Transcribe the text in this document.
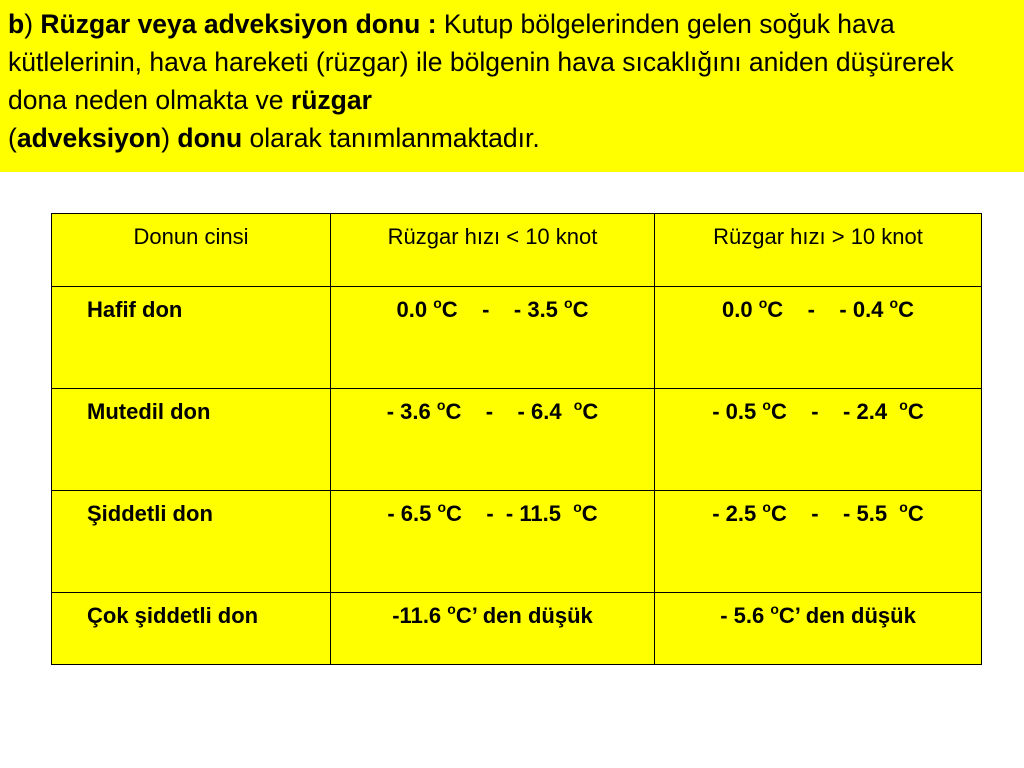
b) Rüzgar veya adveksiyon donu : Kutup bölgelerinden gelen soğuk hava kütlelerinin, hava hareketi (rüzgar) ile bölgenin hava sıcaklığını aniden düşürerek dona neden olmakta ve rüzgar
(adveksiyon) donu olarak tanımlanmaktadır.
Donun cinsi	Rüzgar hızı < 10 knot	Rüzgar hızı > 10 knot
Hafif don	0.0 $^o$C    -    - 3.5 $^o$C	0.0 $^o$C    -    - 0.4 $^o$C
Mutedil don	- 3.6 $^o$C    -    - 6.4  $^o$C	- 0.5 $^o$C    -    - 2.4  $^o$C
Şiddetli don	- 6.5 $^o$C    -  - 11.5  $^o$C	- 2.5 $^o$C    -    - 5.5  $^o$C
Çok şiddetli don	-11.6 $^o$C’ den düşük	- 5.6 $^o$C’ den düşük
